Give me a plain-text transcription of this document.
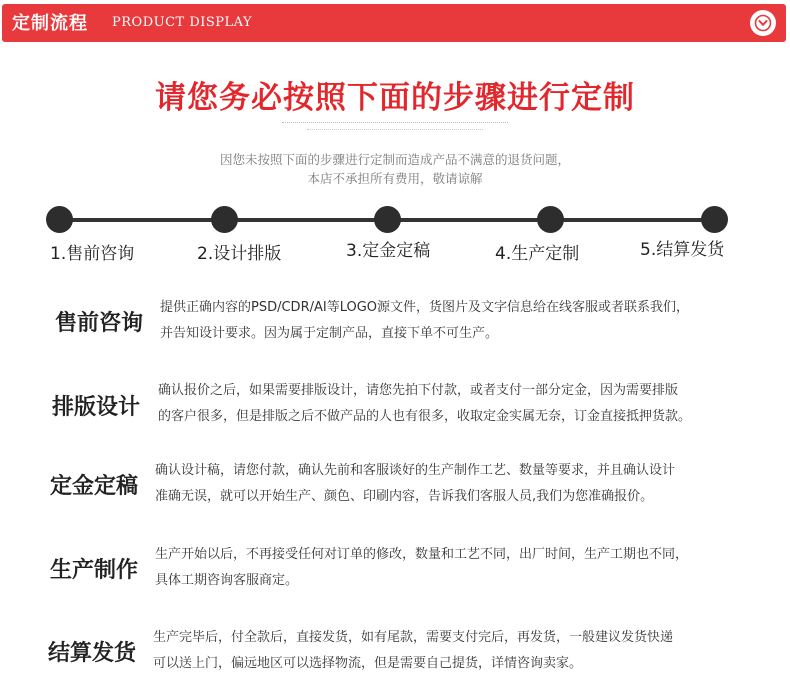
定制流程 PRODUCT DISPLAY
请您务必按照下面的步骤进行定制
因您未按照下面的步骤进行定制而造成产品不满意的退货问题，
本店不承担所有费用，敬请谅解
1.售前咨询	2.设计排版	3.定金定稿	4.生产定制	5.结算发货
售前咨询
提供正确内容的PSD/CDR/AI等LOGO源文件，货图片及文字信息给在线客服或者联系我们，
并告知设计要求。因为属于定制产品，直接下单不可生产。
排版设计
确认报价之后，如果需要排版设计，请您先拍下付款，或者支付一部分定金，因为需要排版
的客户很多，但是排版之后不做产品的人也有很多，收取定金实属无奈，订金直接抵押货款。
定金定稿
确认设计稿，请您付款，确认先前和客服谈好的生产制作工艺、数量等要求，并且确认设计
准确无误，就可以开始生产、颜色、印刷内容，告诉我们客服人员,我们为您准确报价。
生产制作
生产开始以后，不再接受任何对订单的修改，数量和工艺不同，出厂时间，生产工期也不同，
具体工期咨询客服商定。
结算发货
生产完毕后，付全款后，直接发货，如有尾款，需要支付完后，再发货，一般建议发货快递
可以送上门，偏远地区可以选择物流，但是需要自己提货，详情咨询卖家。
